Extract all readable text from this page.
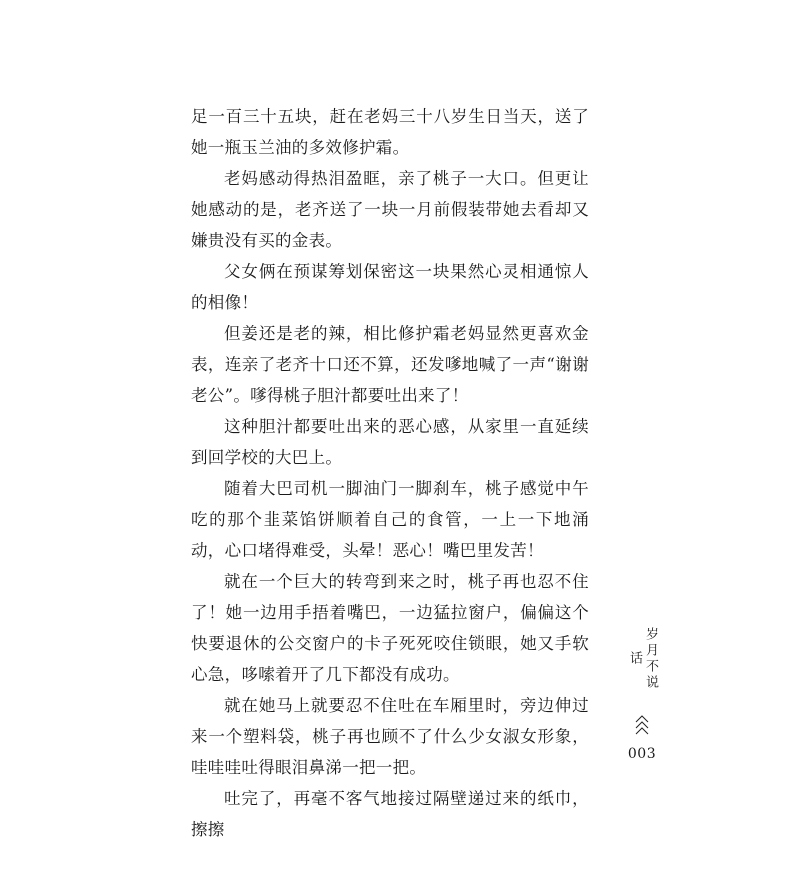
足一百三十五块，赶在老妈三十八岁生日当天，送了她一瓶玉兰油的多效修护霜。

老妈感动得热泪盈眶，亲了桃子一大口。但更让她感动的是，老齐送了一块一月前假装带她去看却又嫌贵没有买的金表。

父女俩在预谋筹划保密这一块果然心灵相通惊人的相像！

但姜还是老的辣，相比修护霜老妈显然更喜欢金表，连亲了老齐十口还不算，还发嗲地喊了一声“谢谢老公”。嗲得桃子胆汁都要吐出来了！

这种胆汁都要吐出来的恶心感，从家里一直延续到回学校的大巴上。

随着大巴司机一脚油门一脚刹车，桃子感觉中午吃的那个韭菜馅饼顺着自己的食管，一上一下地涌动，心口堵得难受，头晕！恶心！嘴巴里发苦！

就在一个巨大的转弯到来之时，桃子再也忍不住了！她一边用手捂着嘴巴，一边猛拉窗户，偏偏这个快要退休的公交窗户的卡子死死咬住锁眼，她又手软心急，哆嗦着开了几下都没有成功。

就在她马上就要忍不住吐在车厢里时，旁边伸过来一个塑料袋，桃子再也顾不了什么少女淑女形象，哇哇哇吐得眼泪鼻涕一把一把。

吐完了，再毫不客气地接过隔壁递过来的纸巾，擦擦

岁月不说话
003
